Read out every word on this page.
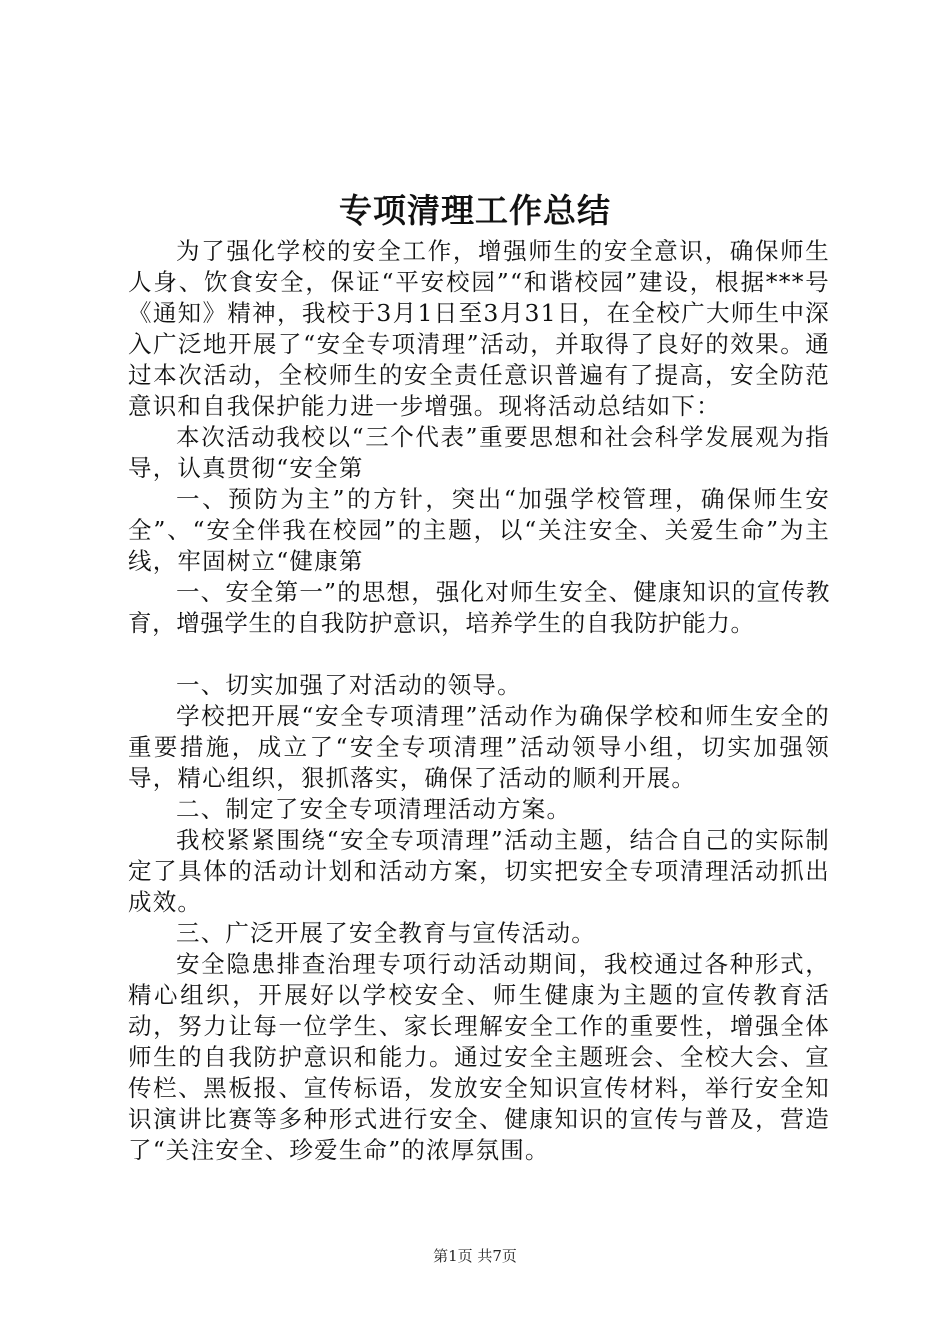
专项清理工作总结

为了强化学校的安全工作，增强师生的安全意识，确保师生人身、饮食安全，保证“平安校园”“和谐校园”建设，根据***号《通知》精神，我校于3月1日至3月31日，在全校广大师生中深入广泛地开展了“安全专项清理”活动，并取得了良好的效果。通过本次活动，全校师生的安全责任意识普遍有了提高，安全防范意识和自我保护能力进一步增强。现将活动总结如下：

本次活动我校以“三个代表”重要思想和社会科学发展观为指导，认真贯彻“安全第

一、预防为主”的方针，突出“加强学校管理，确保师生安全”、“安全伴我在校园”的主题，以“关注安全、关爱生命”为主线，牢固树立“健康第

一、安全第一”的思想，强化对师生安全、健康知识的宣传教育，增强学生的自我防护意识，培养学生的自我防护能力。

一、切实加强了对活动的领导。

学校把开展“安全专项清理”活动作为确保学校和师生安全的重要措施，成立了“安全专项清理”活动领导小组，切实加强领导，精心组织，狠抓落实，确保了活动的顺利开展。

二、制定了安全专项清理活动方案。

我校紧紧围绕“安全专项清理”活动主题，结合自己的实际制定了具体的活动计划和活动方案，切实把安全专项清理活动抓出成效。

三、广泛开展了安全教育与宣传活动。

安全隐患排查治理专项行动活动期间，我校通过各种形式，精心组织，开展好以学校安全、师生健康为主题的宣传教育活动，努力让每一位学生、家长理解安全工作的重要性，增强全体师生的自我防护意识和能力。通过安全主题班会、全校大会、宣传栏、黑板报、宣传标语，发放安全知识宣传材料，举行安全知识演讲比赛等多种形式进行安全、健康知识的宣传与普及，营造了“关注安全、珍爱生命”的浓厚氛围。

第1页 共7页
